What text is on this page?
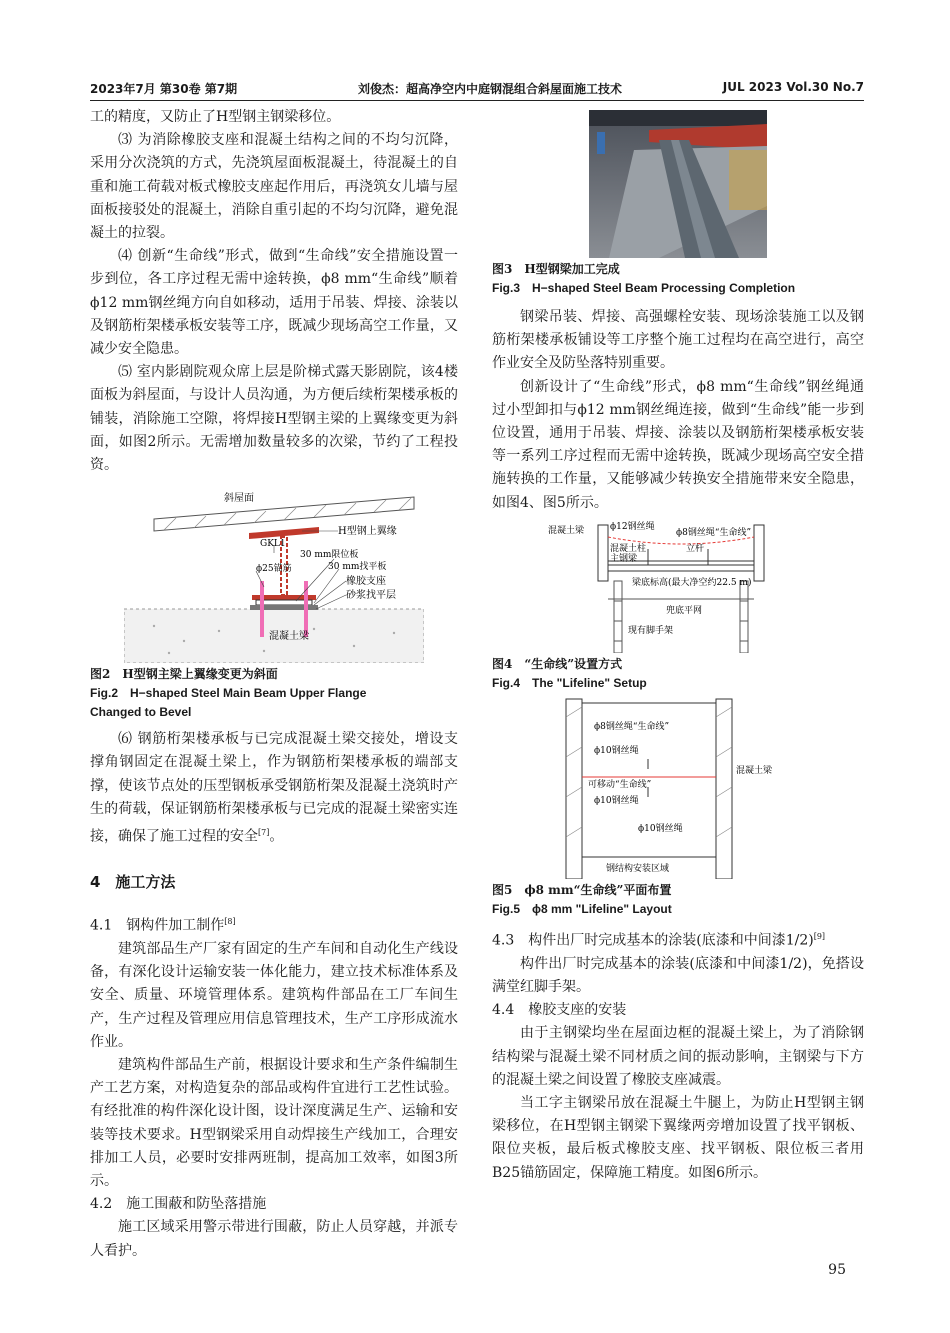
2023年7月 第30卷 第7期	刘俊杰：超高净空内中庭钢混组合斜屋面施工技术	JUL 2023 Vol.30 No.7

工的精度，又防止了H型钢主钢梁移位。

⑶ 为消除橡胶支座和混凝土结构之间的不均匀沉降，采用分次浇筑的方式，先浇筑屋面板混凝土，待混凝土的自重和施工荷载对板式橡胶支座起作用后，再浇筑女儿墙与屋面板接驳处的混凝土，消除自重引起的不均匀沉降，避免混凝土的拉裂。

⑷ 创新“生命线”形式，做到“生命线”安全措施设置一步到位，各工序过程无需中途转换，ϕ8 mm“生命线”顺着ϕ12 mm钢丝绳方向自如移动，适用于吊装、焊接、涂装以及钢筋桁架楼承板安装等工序，既减少现场高空工作量，又减少安全隐患。

⑸ 室内影剧院观众席上层是阶梯式露天影剧院，该4楼面板为斜屋面，与设计人员沟通，为方便后续桁架楼承板的铺装，消除施工空隙，将焊接H型钢主梁的上翼缘变更为斜面，如图2所示。无需增加数量较多的次梁，节约了工程投资。

斜屋面
H型钢上翼缘
GKL1
30 mm限位板
30 mm找平板
ϕ25锚筋
橡胶支座
砂浆找平层
混凝土梁

图2　H型钢主梁上翼缘变更为斜面

Fig.2　H−shaped Steel Main Beam Upper Flange

Changed to Bevel

⑹ 钢筋桁架楼承板与已完成混凝土梁交接处，增设支撑角钢固定在混凝土梁上，作为钢筋桁架楼承板的端部支撑，使该节点处的压型钢板承受钢筋桁架及混凝土浇筑时产生的荷载，保证钢筋桁架楼承板与已完成的混凝土梁密实连接，确保了施工过程的安全[7]。

4　施工方法

4.1　钢构件加工制作[8]

建筑部品生产厂家有固定的生产车间和自动化生产线设备，有深化设计运输安装一体化能力，建立技术标准体系及安全、质量、环境管理体系。建筑构件部品在工厂车间生产，生产过程及管理应用信息管理技术，生产工序形成流水作业。

建筑构件部品生产前，根据设计要求和生产条件编制生产工艺方案，对构造复杂的部品或构件宜进行工艺性试验。有经批准的构件深化设计图，设计深度满足生产、运输和安装等技术要求。H型钢梁采用自动焊接生产线加工，合理安排加工人员，必要时安排两班制，提高加工效率，如图3所示。

4.2　施工围蔽和防坠落措施

施工区域采用警示带进行围蔽，防止人员穿越，并派专人看护。

图3　H型钢梁加工完成

Fig.3　H−shaped Steel Beam Processing Completion

钢梁吊装、焊接、高强螺栓安装、现场涂装施工以及钢筋桁架楼承板铺设等工序整个施工过程均在高空进行，高空作业安全及防坠落特别重要。

创新设计了“生命线”形式，ϕ8 mm“生命线”钢丝绳通过小型卸扣与ϕ12 mm钢丝绳连接，做到“生命线”能一步到位设置，通用于吊装、焊接、涂装以及钢筋桁架楼承板安装等一系列工序过程而无需中途转换，既减少现场高空安全措施转换的工作量，又能够减少转换安全措施带来安全隐患，如图4、图5所示。

混凝土梁	ϕ12钢丝绳
ϕ8钢丝绳“生命线”
混凝土柱	立杆
主钢梁
梁底标高(最大净空约22.5 m)
兜底平网
现有脚手架

图4　“生命线”设置方式

Fig.4　The "Lifeline" Setup

ϕ8钢丝绳“生命线”
ϕ10钢丝绳
可移动“生命线”
ϕ10钢丝绳
ϕ10钢丝绳
混凝土梁
钢结构安装区域

图5　ϕ8 mm“生命线”平面布置

Fig.5　ϕ8 mm "Lifeline" Layout

4.3　构件出厂时完成基本的涂装(底漆和中间漆1/2)[9]

构件出厂时完成基本的涂装(底漆和中间漆1/2)，免搭设满堂红脚手架。

4.4　橡胶支座的安装

由于主钢梁均坐在屋面边框的混凝土梁上，为了消除钢结构梁与混凝土梁不同材质之间的振动影响，主钢梁与下方的混凝土梁之间设置了橡胶支座减震。

当工字主钢梁吊放在混凝土牛腿上，为防止H型钢主钢梁移位，在H型钢主钢梁下翼缘两旁增加设置了找平钢板、限位夹板，最后板式橡胶支座、找平钢板、限位板三者用B25锚筋固定，保障施工精度。如图6所示。

95
